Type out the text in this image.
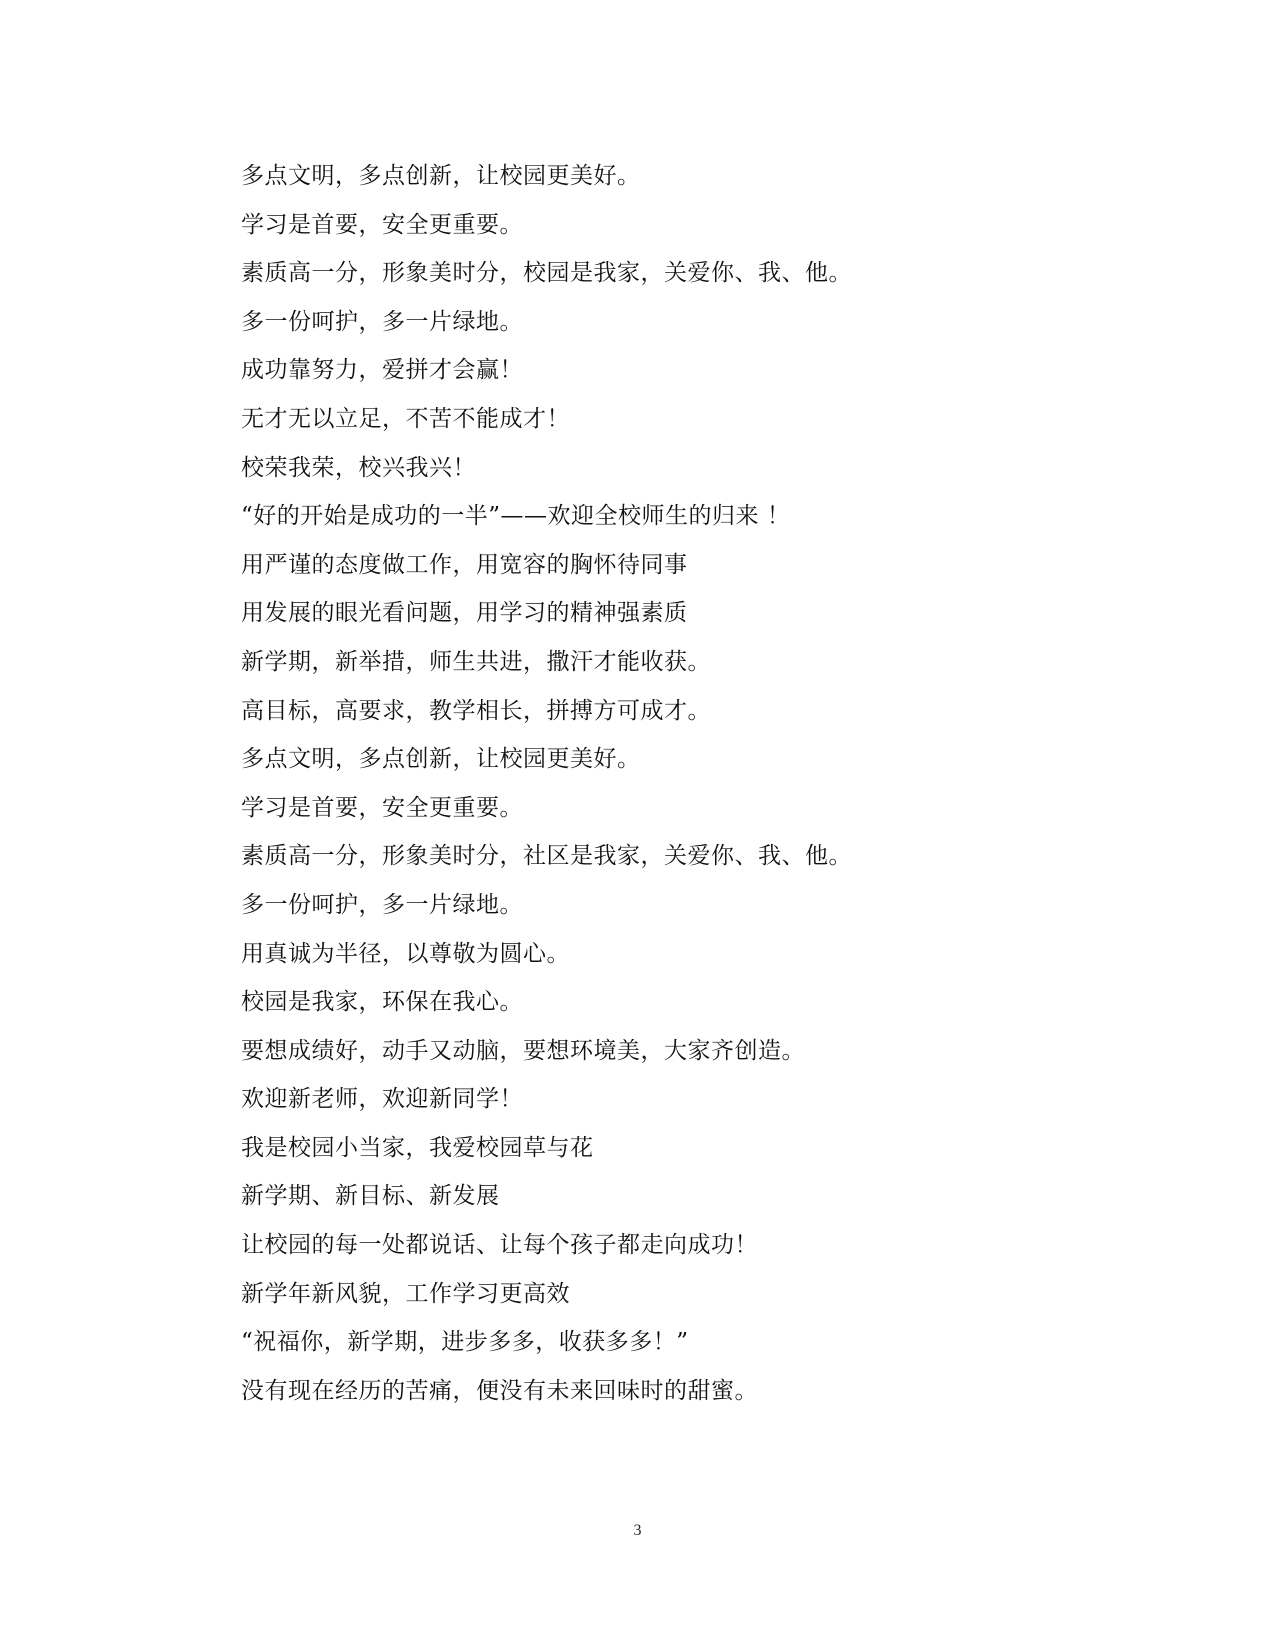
多点文明，多点创新，让校园更美好。
学习是首要，安全更重要。
素质高一分，形象美时分，校园是我家，关爱你、我、他。
多一份呵护，多一片绿地。
成功靠努力，爱拼才会赢！
无才无以立足，不苦不能成才！
校荣我荣，校兴我兴！
“好的开始是成功的一半”——欢迎全校师生的归来 ！
用严谨的态度做工作，用宽容的胸怀待同事
用发展的眼光看问题，用学习的精神强素质
新学期，新举措，师生共进，撒汗才能收获。
高目标，高要求，教学相长，拼搏方可成才。
多点文明，多点创新，让校园更美好。
学习是首要，安全更重要。
素质高一分，形象美时分，社区是我家，关爱你、我、他。
多一份呵护，多一片绿地。
用真诚为半径，以尊敬为圆心。
校园是我家，环保在我心。
要想成绩好，动手又动脑，要想环境美，大家齐创造。
欢迎新老师，欢迎新同学！
我是校园小当家，我爱校园草与花
新学期、新目标、新发展
让校园的每一处都说话、让每个孩子都走向成功！
新学年新风貌，工作学习更高效
“祝福你，新学期，进步多多，收获多多！”
没有现在经历的苦痛，便没有未来回味时的甜蜜。
3
